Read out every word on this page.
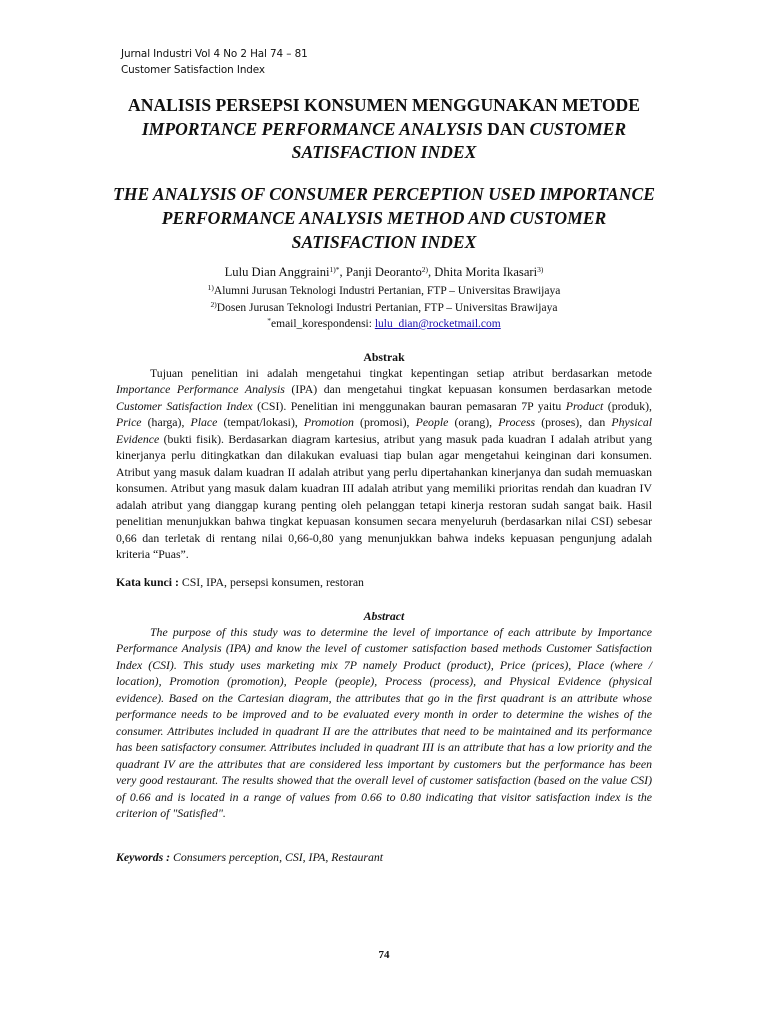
Jurnal Industri Vol 4 No 2 Hal 74 – 81
Customer Satisfaction Index
ANALISIS PERSEPSI KONSUMEN MENGGUNAKAN METODE
IMPORTANCE PERFORMANCE ANALYSIS DAN CUSTOMER SATISFACTION INDEX
THE ANALYSIS OF CONSUMER PERCEPTION USED IMPORTANCE PERFORMANCE ANALYSIS METHOD AND CUSTOMER SATISFACTION INDEX
Lulu Dian Anggraini$^{1)*}$, Panji Deoranto$^{2)}$, Dhita Morita Ikasari$^{3)}$
$^{1)}$Alumni Jurusan Teknologi Industri Pertanian, FTP – Universitas Brawijaya
$^{2)}$Dosen Jurusan Teknologi Industri Pertanian, FTP – Universitas Brawijaya
*email_korespondensi: lulu_dian@rocketmail.com
Abstrak
Tujuan penelitian ini adalah mengetahui tingkat kepentingan setiap atribut berdasarkan metode Importance Performance Analysis (IPA) dan mengetahui tingkat kepuasan konsumen berdasarkan metode Customer Satisfaction Index (CSI). Penelitian ini menggunakan bauran pemasaran 7P yaitu Product (produk), Price (harga), Place (tempat/lokasi), Promotion (promosi), People (orang), Process (proses), dan Physical Evidence (bukti fisik). Berdasarkan diagram kartesius, atribut yang masuk pada kuadran I adalah atribut yang kinerjanya perlu ditingkatkan dan dilakukan evaluasi tiap bulan agar mengetahui keinginan dari konsumen. Atribut yang masuk dalam kuadran II adalah atribut yang perlu dipertahankan kinerjanya dan sudah memuaskan konsumen. Atribut yang masuk dalam kuadran III adalah atribut yang memiliki prioritas rendah dan kuadran IV adalah atribut yang dianggap kurang penting oleh pelanggan tetapi kinerja restoran sudah sangat baik. Hasil penelitian menunjukkan bahwa tingkat kepuasan konsumen secara menyeluruh (berdasarkan nilai CSI) sebesar 0,66 dan terletak di rentang nilai 0,66-0,80 yang menunjukkan bahwa indeks kepuasan pengunjung adalah kriteria “Puas”.
Kata kunci : CSI, IPA, persepsi konsumen, restoran
Abstract
The purpose of this study was to determine the level of importance of each attribute by Importance Performance Analysis (IPA) and know the level of customer satisfaction based methods Customer Satisfaction Index (CSI). This study uses marketing mix 7P namely Product (product), Price (prices), Place (where / location), Promotion (promotion), People (people), Process (process), and Physical Evidence (physical evidence). Based on the Cartesian diagram, the attributes that go in the first quadrant is an attribute whose performance needs to be improved and to be evaluated every month in order to determine the wishes of the consumer. Attributes included in quadrant II are the attributes that need to be maintained and its performance has been satisfactory consumer. Attributes included in quadrant III is an attribute that has a low priority and the quadrant IV are the attributes that are considered less important by customers but the performance has been very good restaurant. The results showed that the overall level of customer satisfaction (based on the value CSI) of 0.66 and is located in a range of values from 0.66 to 0.80 indicating that visitor satisfaction index is the criterion of "Satisfied".
Keywords : Consumers perception, CSI, IPA, Restaurant
74
